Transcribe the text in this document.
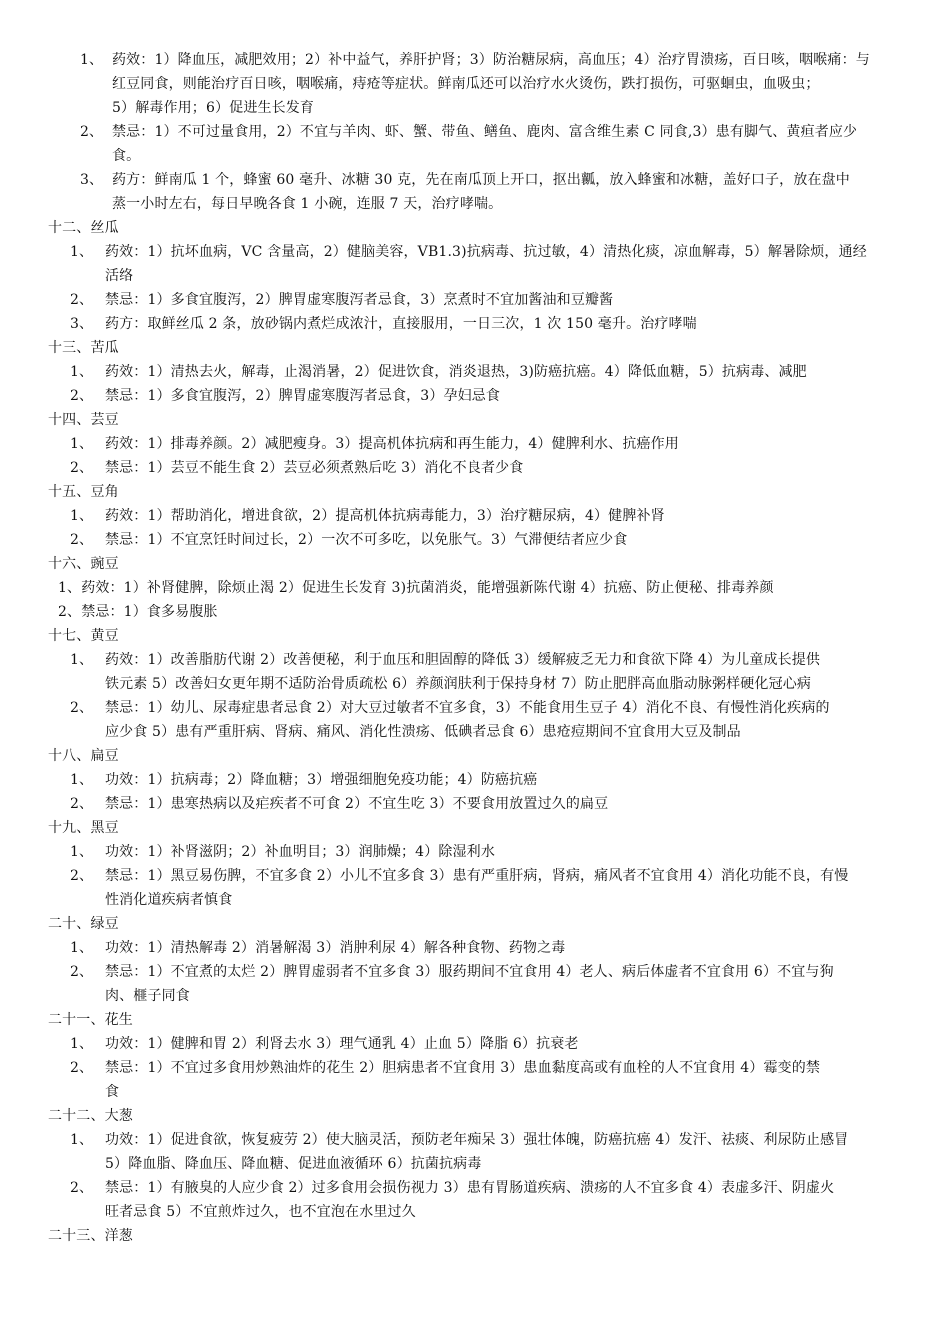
1、 药效：1）降血压，减肥效用；2）补中益气，养肝护肾；3）防治糖尿病，高血压；4）治疗胃溃疡，百日咳，咽喉痛：与
红豆同食，则能治疗百日咳，咽喉痛，痔疮等症状。鲜南瓜还可以治疗水火烫伤，跌打损伤，可驱蛔虫，血吸虫；
5）解毒作用；6）促进生长发育
2、 禁忌：1）不可过量食用，2）不宜与羊肉、虾、蟹、带鱼、鳝鱼、鹿肉、富含维生素 C 同食,3）患有脚气、黄疸者应少
食。
3、 药方：鲜南瓜 1 个，蜂蜜 60 毫升、冰糖 30 克，先在南瓜顶上开口，抠出瓤，放入蜂蜜和冰糖，盖好口子，放在盘中
蒸一小时左右，每日早晚各食 1 小碗，连服 7 天，治疗哮喘。
十二、丝瓜
1、 药效：1）抗坏血病，VC 含量高，2）健脑美容，VB1.3)抗病毒、抗过敏，4）清热化痰，凉血解毒，5）解暑除烦，通经
活络
2、 禁忌：1）多食宜腹泻，2）脾胃虚寒腹泻者忌食，3）烹煮时不宜加酱油和豆瓣酱
3、 药方：取鲜丝瓜 2 条，放砂锅内煮烂成浓汁，直接服用，一日三次，1 次 150 毫升。治疗哮喘
十三、苦瓜
1、 药效：1）清热去火，解毒，止渴消暑，2）促进饮食，消炎退热，3)防癌抗癌。4）降低血糖，5）抗病毒、减肥
2、 禁忌：1）多食宜腹泻，2）脾胃虚寒腹泻者忌食，3）孕妇忌食
十四、芸豆
1、 药效：1）排毒养颜。2）减肥瘦身。3）提高机体抗病和再生能力，4）健脾利水、抗癌作用
2、 禁忌：1）芸豆不能生食 2）芸豆必须煮熟后吃 3）消化不良者少食
十五、豆角
1、 药效：1）帮助消化，增进食欲，2）提高机体抗病毒能力，3）治疗糖尿病，4）健脾补肾
2、 禁忌：1）不宜烹饪时间过长，2）一次不可多吃，以免胀气。3）气滞便结者应少食
十六、豌豆
1、药效：1）补肾健脾，除烦止渴 2）促进生长发育 3)抗菌消炎，能增强新陈代谢 4）抗癌、防止便秘、排毒养颜
2、禁忌：1）食多易腹胀
十七、黄豆
1、 药效：1）改善脂肪代谢 2）改善便秘，利于血压和胆固醇的降低 3）缓解疲乏无力和食欲下降 4）为儿童成长提供
铁元素 5）改善妇女更年期不适防治骨质疏松 6）养颜润肤利于保持身材 7）防止肥胖高血脂动脉粥样硬化冠心病
2、 禁忌：1）幼儿、尿毒症患者忌食 2）对大豆过敏者不宜多食，3）不能食用生豆子 4）消化不良、有慢性消化疾病的
应少食 5）患有严重肝病、肾病、痛风、消化性溃疡、低碘者忌食 6）患疮痘期间不宜食用大豆及制品
十八、扁豆
1、 功效：1）抗病毒；2）降血糖；3）增强细胞免疫功能；4）防癌抗癌
2、 禁忌：1）患寒热病以及疟疾者不可食 2）不宜生吃 3）不要食用放置过久的扁豆
十九、黑豆
1、 功效：1）补肾滋阴；2）补血明目；3）润肺燥；4）除湿利水
2、 禁忌：1）黑豆易伤脾，不宜多食 2）小儿不宜多食 3）患有严重肝病，肾病，痛风者不宜食用 4）消化功能不良，有慢
性消化道疾病者慎食
二十、绿豆
1、 功效：1）清热解毒 2）消暑解渴 3）消肿利尿 4）解各种食物、药物之毒
2、 禁忌：1）不宜煮的太烂 2）脾胃虚弱者不宜多食 3）服药期间不宜食用 4）老人、病后体虚者不宜食用 6）不宜与狗
肉、榧子同食
二十一、花生
1、 功效：1）健脾和胃 2）利肾去水 3）理气通乳 4）止血 5）降脂 6）抗衰老
2、 禁忌：1）不宜过多食用炒熟油炸的花生 2）胆病患者不宜食用 3）患血黏度高或有血栓的人不宜食用 4）霉变的禁
食
二十二、大葱
1、 功效：1）促进食欲，恢复疲劳 2）使大脑灵活，预防老年痴呆 3）强壮体魄，防癌抗癌 4）发汗、祛痰、利尿防止感冒
5）降血脂、降血压、降血糖、促进血液循环 6）抗菌抗病毒
2、 禁忌：1）有腋臭的人应少食 2）过多食用会损伤视力 3）患有胃肠道疾病、溃疡的人不宜多食 4）表虚多汗、阴虚火
旺者忌食 5）不宜煎炸过久，也不宜泡在水里过久
二十三、洋葱
